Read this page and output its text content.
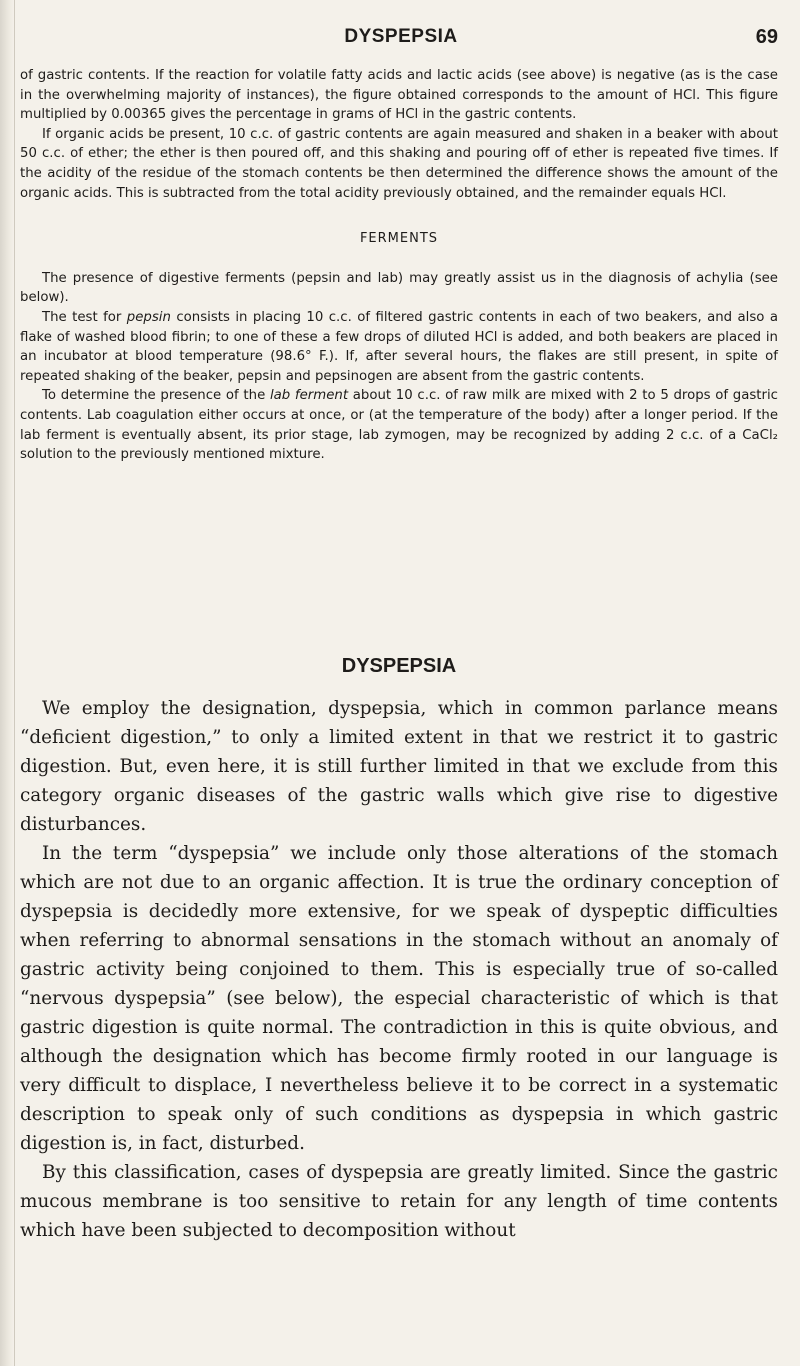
DYSPEPSIA	69

of gastric contents. If the reaction for volatile fatty acids and lactic acids (see above) is negative (as is the case in the overwhelming majority of instances), the figure obtained corresponds to the amount of HCl. This figure multiplied by 0.00365 gives the percentage in grams of HCl in the gastric contents.

If organic acids be present, 10 c.c. of gastric contents are again measured and shaken in a beaker with about 50 c.c. of ether; the ether is then poured off, and this shaking and pouring off of ether is repeated five times. If the acidity of the residue of the stomach contents be then determined the difference shows the amount of the organic acids. This is subtracted from the total acidity previously obtained, and the remainder equals HCl.

FERMENTS

The presence of digestive ferments (pepsin and lab) may greatly assist us in the diagnosis of achylia (see below).

The test for pepsin consists in placing 10 c.c. of filtered gastric contents in each of two beakers, and also a flake of washed blood fibrin; to one of these a few drops of diluted HCl is added, and both beakers are placed in an incubator at blood temperature (98.6° F.). If, after several hours, the flakes are still present, in spite of repeated shaking of the beaker, pepsin and pepsinogen are absent from the gastric contents.

To determine the presence of the lab ferment about 10 c.c. of raw milk are mixed with 2 to 5 drops of gastric contents. Lab coagulation either occurs at once, or (at the temperature of the body) after a longer period. If the lab ferment is eventually absent, its prior stage, lab zymogen, may be recognized by adding 2 c.c. of a CaCl₂ solution to the previously mentioned mixture.

DYSPEPSIA

We employ the designation, dyspepsia, which in common parlance means “deficient digestion,” to only a limited extent in that we restrict it to gastric digestion. But, even here, it is still further limited in that we exclude from this category organic diseases of the gastric walls which give rise to digestive disturbances.

In the term “dyspepsia” we include only those alterations of the stomach which are not due to an organic affection. It is true the ordinary conception of dyspepsia is decidedly more extensive, for we speak of dyspeptic difficulties when referring to abnormal sensations in the stomach without an anomaly of gastric activity being conjoined to them. This is especially true of so-called “nervous dyspepsia” (see below), the especial characteristic of which is that gastric digestion is quite normal. The contradiction in this is quite obvious, and although the designation which has become firmly rooted in our language is very difficult to displace, I nevertheless believe it to be correct in a systematic description to speak only of such conditions as dyspepsia in which gastric digestion is, in fact, disturbed.

By this classification, cases of dyspepsia are greatly limited. Since the gastric mucous membrane is too sensitive to retain for any length of time contents which have been subjected to decomposition without
